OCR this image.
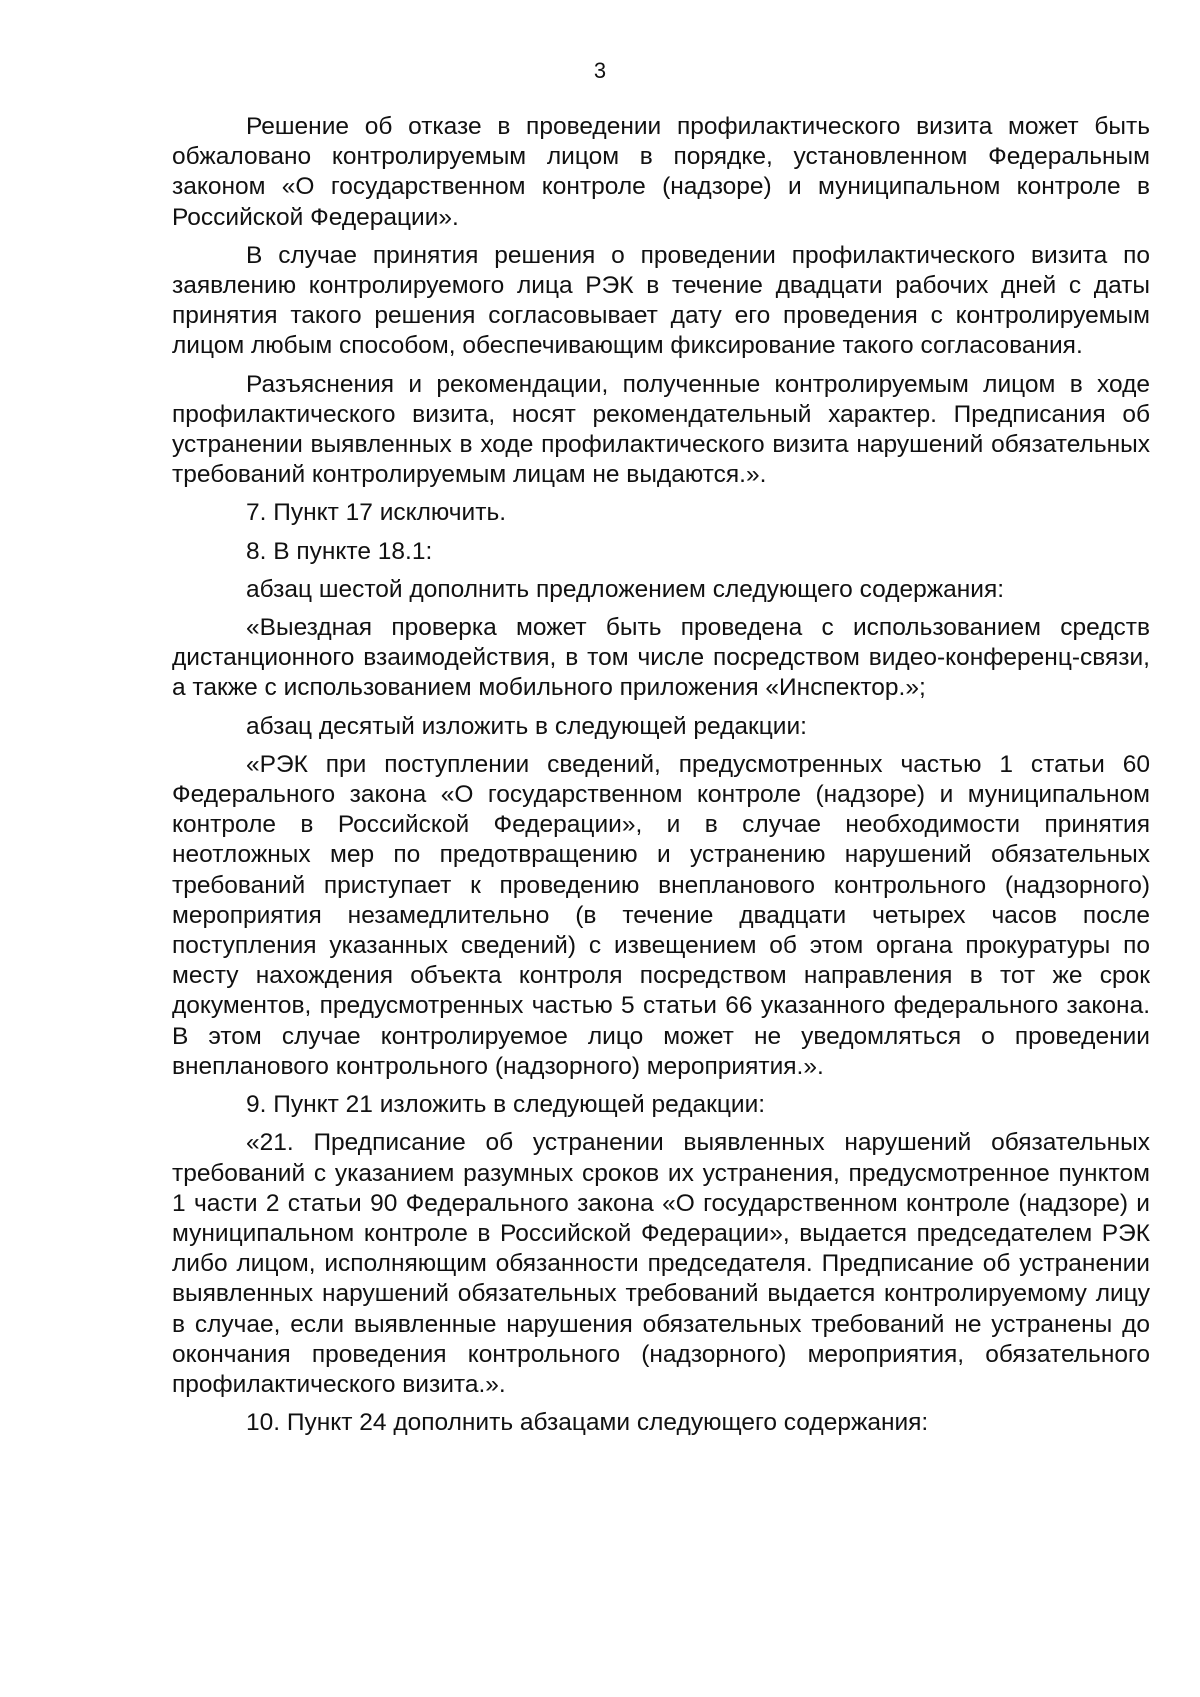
3

Решение об отказе в проведении профилактического визита может быть обжаловано контролируемым лицом в порядке, установленном Федеральным законом «О государственном контроле (надзоре) и муниципальном контроле в Российской Федерации».

В случае принятия решения о проведении профилактического визита по заявлению контролируемого лица РЭК в течение двадцати рабочих дней с даты принятия такого решения согласовывает дату его проведения с контролируемым лицом любым способом, обеспечивающим фиксирование такого согласования.

Разъяснения и рекомендации, полученные контролируемым лицом в ходе профилактического визита, носят рекомендательный характер. Предписания об устранении выявленных в ходе профилактического визита нарушений обязательных требований контролируемым лицам не выдаются.».

7. Пункт 17 исключить.

8. В пункте 18.1:

абзац шестой дополнить предложением следующего содержания:

«Выездная проверка может быть проведена с использованием средств дистанционного взаимодействия, в том числе посредством видео-конференц-связи, а также с использованием мобильного приложения «Инспектор.»;

абзац десятый изложить в следующей редакции:

«РЭК при поступлении сведений, предусмотренных частью 1 статьи 60 Федерального закона «О государственном контроле (надзоре) и муниципальном контроле в Российской Федерации», и в случае необходимости принятия неотложных мер по предотвращению и устранению нарушений обязательных требований приступает к проведению внепланового контрольного (надзорного) мероприятия незамедлительно (в течение двадцати четырех часов после поступления указанных сведений) с извещением об этом органа прокуратуры по месту нахождения объекта контроля посредством направления в тот же срок документов, предусмотренных частью 5 статьи 66 указанного федерального закона. В этом случае контролируемое лицо может не уведомляться о проведении внепланового контрольного (надзорного) мероприятия.».

9. Пункт 21 изложить в следующей редакции:

«21. Предписание об устранении выявленных нарушений обязательных требований с указанием разумных сроков их устранения, предусмотренное пунктом 1 части 2 статьи 90 Федерального закона «О государственном контроле (надзоре) и муниципальном контроле в Российской Федерации», выдается председателем РЭК либо лицом, исполняющим обязанности председателя. Предписание об устранении выявленных нарушений обязательных требований выдается контролируемому лицу в случае, если выявленные нарушения обязательных требований не устранены до окончания проведения контрольного (надзорного) мероприятия, обязательного профилактического визита.».

10. Пункт 24 дополнить абзацами следующего содержания:
